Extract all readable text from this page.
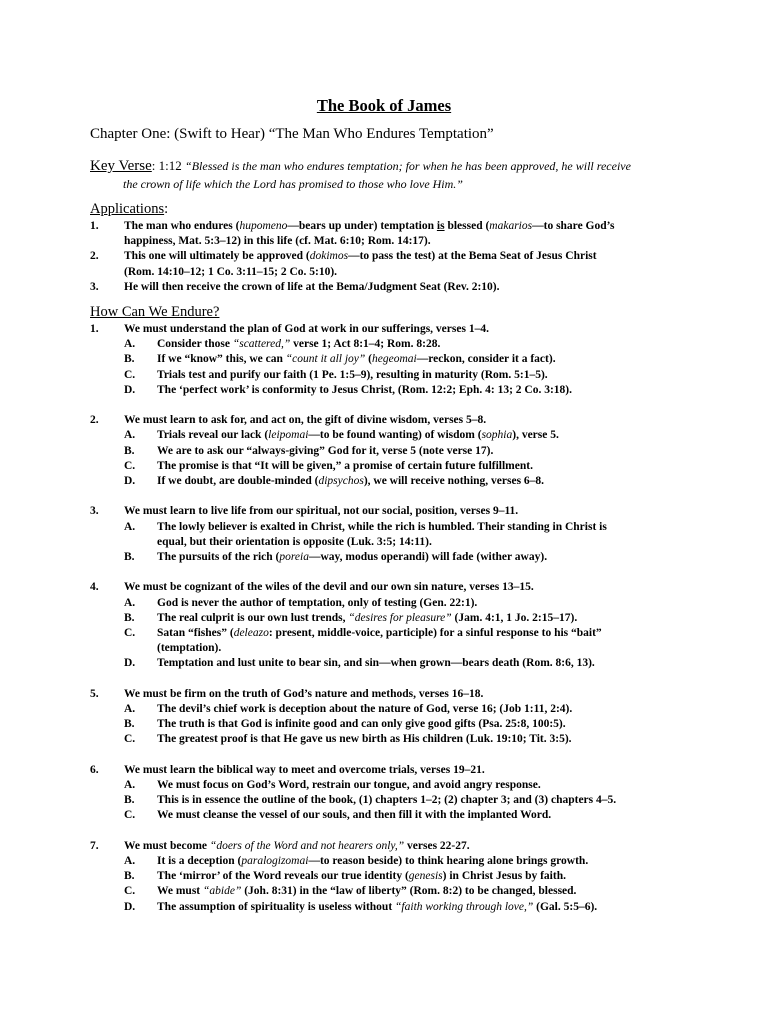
The Book of James
Chapter One: (Swift to Hear) “The Man Who Endures Temptation”
Key Verse: 1:12 “Blessed is the man who endures temptation; for when he has been approved, he will receive
the crown of life which the Lord has promised to those who love Him.”
Applications:
1. The man who endures (hupomeno—bears up under) temptation is blessed (makarios—to share God’s
happiness, Mat. 5:3–12) in this life (cf. Mat. 6:10; Rom. 14:17).
2. This one will ultimately be approved (dokimos—to pass the test) at the Bema Seat of Jesus Christ
(Rom. 14:10–12; 1 Co. 3:11–15; 2 Co. 5:10).
3. He will then receive the crown of life at the Bema/Judgment Seat (Rev. 2:10).
How Can We Endure?
1. We must understand the plan of God at work in our sufferings, verses 1–4.
A. Consider those “scattered,” verse 1; Act 8:1–4; Rom. 8:28.
B. If we “know” this, we can “count it all joy” (hegeomai—reckon, consider it a fact).
C. Trials test and purify our faith (1 Pe. 1:5–9), resulting in maturity (Rom. 5:1–5).
D. The ‘perfect work’ is conformity to Jesus Christ, (Rom. 12:2; Eph. 4: 13; 2 Co. 3:18).
2. We must learn to ask for, and act on, the gift of divine wisdom, verses 5–8.
A. Trials reveal our lack (leipomai—to be found wanting) of wisdom (sophia), verse 5.
B. We are to ask our “always-giving” God for it, verse 5 (note verse 17).
C. The promise is that “It will be given,” a promise of certain future fulfillment.
D. If we doubt, are double-minded (dipsychos), we will receive nothing, verses 6–8.
3. We must learn to live life from our spiritual, not our social, position, verses 9–11.
A. The lowly believer is exalted in Christ, while the rich is humbled. Their standing in Christ is
equal, but their orientation is opposite (Luk. 3:5; 14:11).
B. The pursuits of the rich (poreia—way, modus operandi) will fade (wither away).
4. We must be cognizant of the wiles of the devil and our own sin nature, verses 13–15.
A. God is never the author of temptation, only of testing (Gen. 22:1).
B. The real culprit is our own lust trends, “desires for pleasure” (Jam. 4:1, 1 Jo. 2:15–17).
C. Satan “fishes” (deleazo: present, middle-voice, participle) for a sinful response to his “bait”
(temptation).
D. Temptation and lust unite to bear sin, and sin—when grown—bears death (Rom. 8:6, 13).
5. We must be firm on the truth of God’s nature and methods, verses 16–18.
A. The devil’s chief work is deception about the nature of God, verse 16; (Job 1:11, 2:4).
B. The truth is that God is infinite good and can only give good gifts (Psa. 25:8, 100:5).
C. The greatest proof is that He gave us new birth as His children (Luk. 19:10; Tit. 3:5).
6. We must learn the biblical way to meet and overcome trials, verses 19–21.
A. We must focus on God’s Word, restrain our tongue, and avoid angry response.
B. This is in essence the outline of the book, (1) chapters 1–2; (2) chapter 3; and (3) chapters 4–5.
C. We must cleanse the vessel of our souls, and then fill it with the implanted Word.
7. We must become “doers of the Word and not hearers only,” verses 22-27.
A. It is a deception (paralogizomai—to reason beside) to think hearing alone brings growth.
B. The ‘mirror’ of the Word reveals our true identity (genesis) in Christ Jesus by faith.
C. We must “abide” (Joh. 8:31) in the “law of liberty” (Rom. 8:2) to be changed, blessed.
D. The assumption of spirituality is useless without “faith working through love,” (Gal. 5:5–6).
